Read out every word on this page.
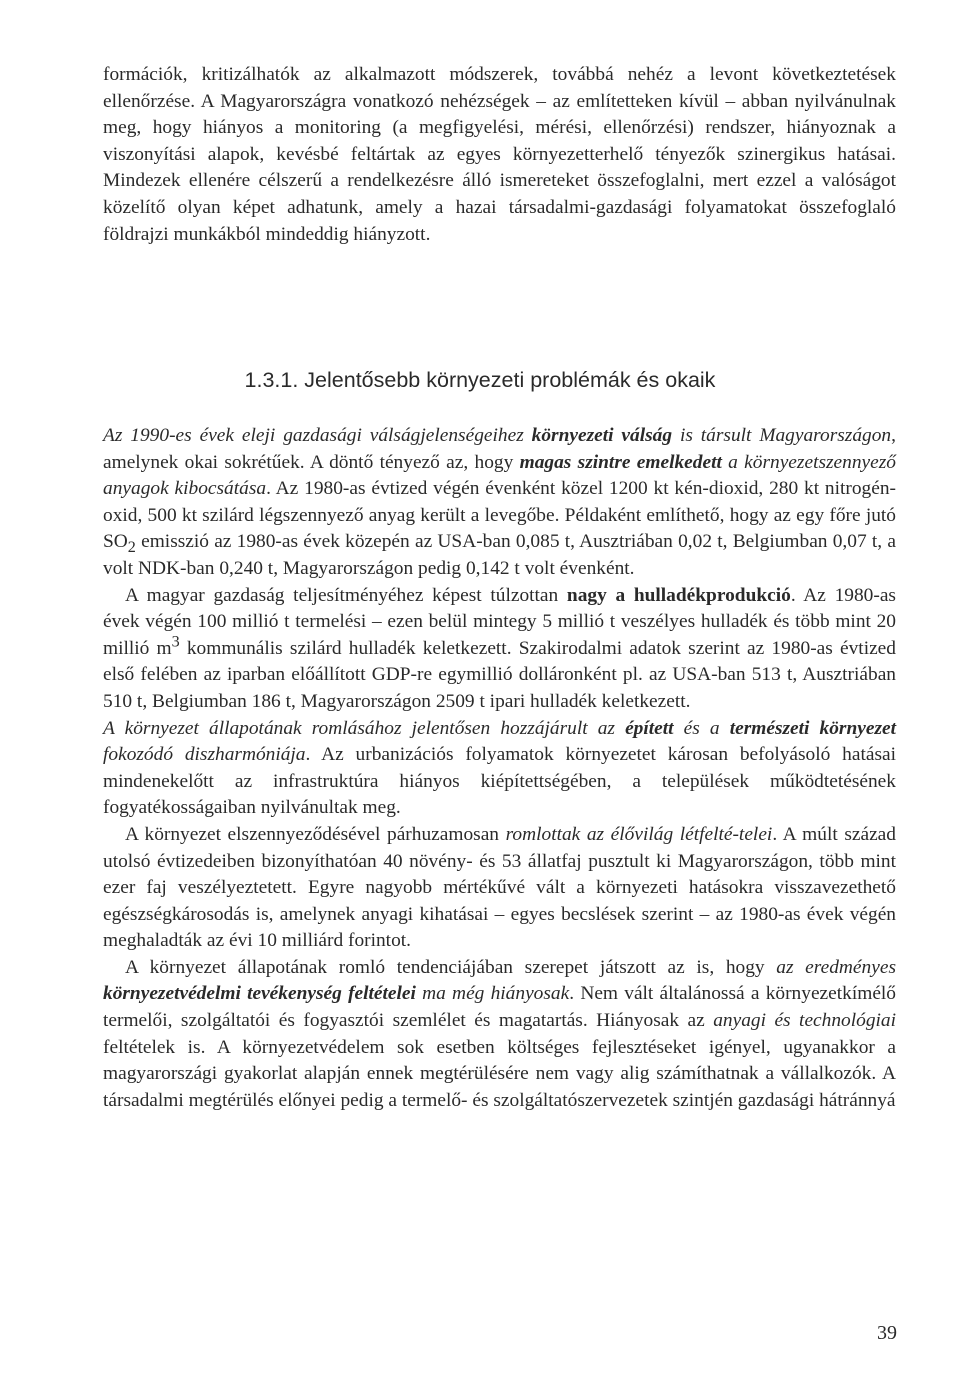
formációk, kritizálhatók az alkalmazott módszerek, továbbá nehéz a levont következtetések ellenőrzése. A Magyarországra vonatkozó nehézségek – az említetteken kívül – abban nyilvánulnak meg, hogy hiányos a monitoring (a megfigyelési, mérési, ellenőrzési) rendszer, hiányoznak a viszonyítási alapok, kevésbé feltártak az egyes környezetterhelő tényezők szinergikus hatásai. Mindezek ellenére célszerű a rendelkezésre álló ismereteket összefoglalni, mert ezzel a valóságot közelítő olyan képet adhatunk, amely a hazai társadalmi-gazdasági folyamatokat összefoglaló földrajzi munkákból mindeddig hiányzott.

1.3.1. Jelentősebb környezeti problémák és okaik

Az 1990-es évek eleji gazdasági válságjelenségeihez környezeti válság is társult Magyarországon, amelynek okai sokrétűek. A döntő tényező az, hogy magas szintre emelkedett a környezetszennyező anyagok kibocsátása. Az 1980-as évtized végén évenként közel 1200 kt kén-dioxid, 280 kt nitrogén-oxid, 500 kt szilárd légszennyező anyag került a levegőbe. Példaként említhető, hogy az egy főre jutó $SO_2$ emisszió az 1980-as évek közepén az USA-ban 0,085 t, Ausztriában 0,02 t, Belgiumban 0,07 t, a volt NDK-ban 0,240 t, Magyarországon pedig 0,142 t volt évenként.

A magyar gazdaság teljesítményéhez képest túlzottan nagy a hulladékprodukció. Az 1980-as évek végén 100 millió t termelési – ezen belül mintegy 5 millió t veszélyes hulladék és több mint 20 millió $m^3$ kommunális szilárd hulladék keletkezett. Szakirodalmi adatok szerint az 1980-as évtized első felében az iparban előállított GDP-re egymillió dolláronként pl. az USA-ban 513 t, Ausztriában 510 t, Belgiumban 186 t, Magyarországon 2509 t ipari hulladék keletkezett.

A környezet állapotának romlásához jelentősen hozzájárult az épített és a természeti környezet fokozódó diszharmóniája. Az urbanizációs folyamatok környezetet károsan befolyásoló hatásai mindenekelőtt az infrastruktúra hiányos kiépítettségében, a települések működtetésének fogyatékosságaiban nyilvánultak meg.

A környezet elszennyeződésével párhuzamosan romlottak az élővilág létfelté-telei. A múlt század utolsó évtizedeiben bizonyíthatóan 40 növény- és 53 állatfaj pusztult ki Magyarországon, több mint ezer faj veszélyeztetett. Egyre nagyobb mértékűvé vált a környezeti hatásokra visszavezethető egészségkárosodás is, amelynek anyagi kihatásai – egyes becslések szerint – az 1980-as évek végén meghaladták az évi 10 milliárd forintot.

A környezet állapotának romló tendenciájában szerepet játszott az is, hogy az eredményes környezetvédelmi tevékenység feltételei ma még hiányosak. Nem vált általánossá a környezetkímélő termelői, szolgáltatói és fogyasztói szemlélet és magatartás. Hiányosak az anyagi és technológiai feltételek is. A környezetvédelem sok esetben költséges fejlesztéseket igényel, ugyanakkor a magyarországi gyakorlat alapján ennek megtérülésére nem vagy alig számíthatnak a vállalkozók. A társadalmi megtérülés előnyei pedig a termelő- és szolgáltatószervezetek szintjén gazdasági hátránnyá

39
